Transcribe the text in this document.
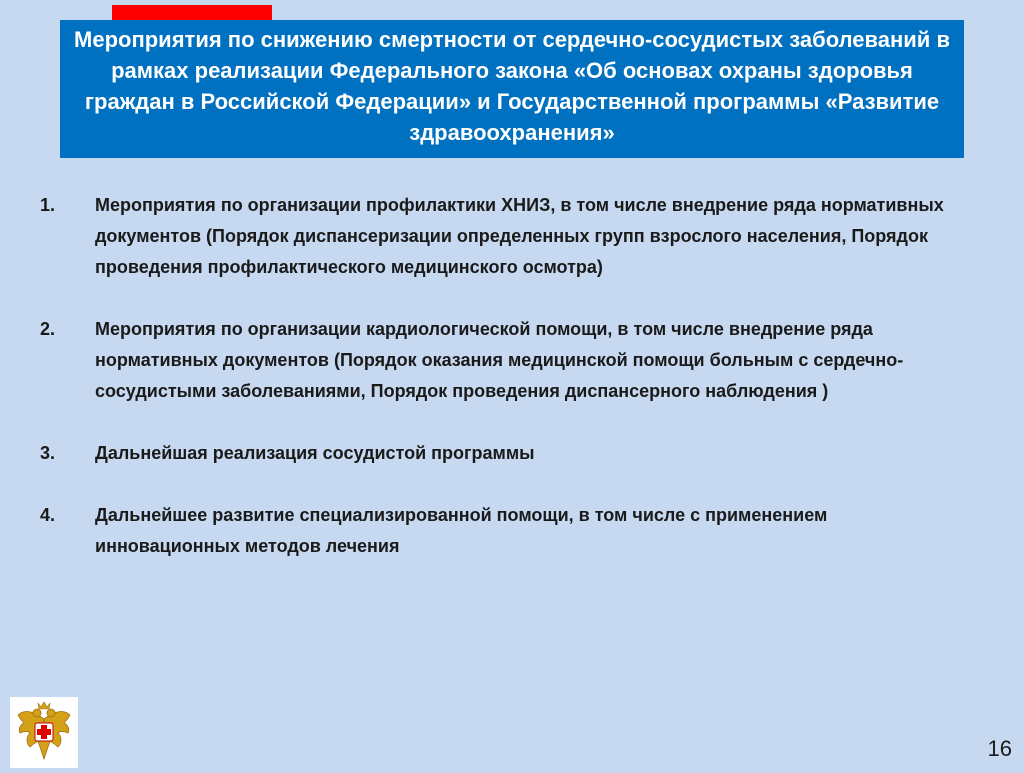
Мероприятия по снижению смертности от сердечно-сосудистых заболеваний в рамках реализации Федерального закона «Об основах охраны здоровья граждан в Российской Федерации» и Государственной программы «Развитие здравоохранения»
1.	Мероприятия по организации профилактики ХНИЗ, в том числе внедрение ряда нормативных документов (Порядок диспансеризации определенных групп взрослого населения, Порядок проведения профилактического медицинского осмотра)
2.	Мероприятия по организации кардиологической помощи, в том числе внедрение ряда нормативных документов (Порядок оказания медицинской помощи больным с сердечно-сосудистыми заболеваниями, Порядок проведения диспансерного наблюдения )
3.	Дальнейшая реализация сосудистой программы
4.	Дальнейшее развитие специализированной помощи, в том числе с применением инновационных методов лечения
16
